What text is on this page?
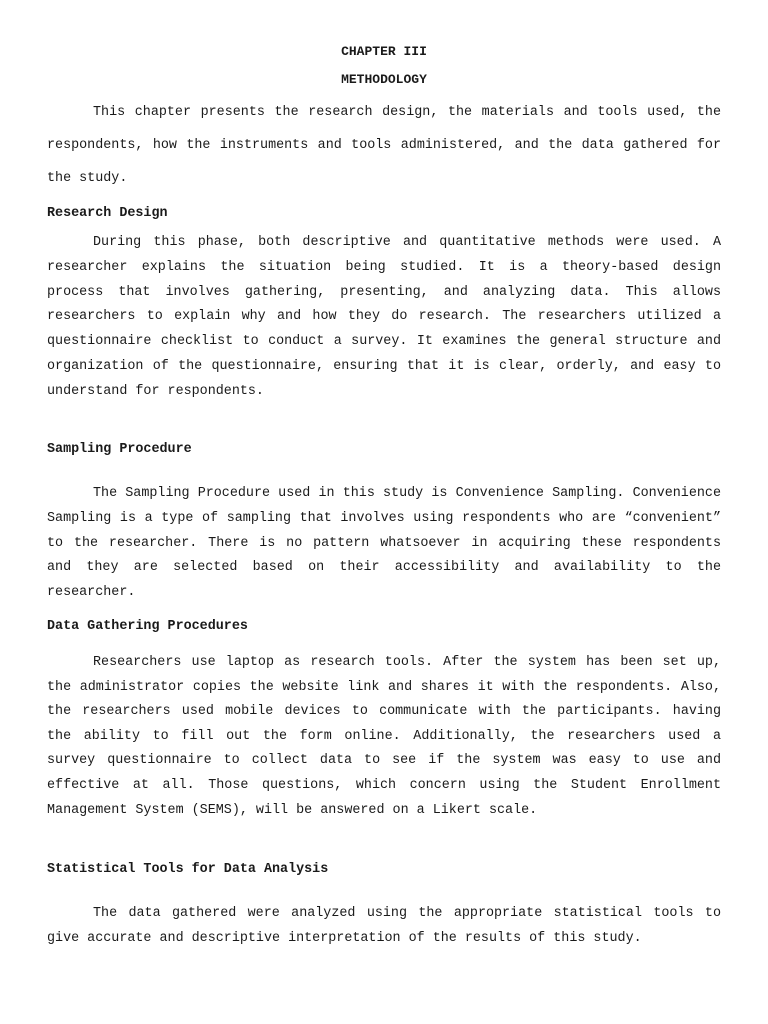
CHAPTER III
METHODOLOGY

This chapter presents the research design, the materials and tools used, the respondents, how the instruments and tools administered, and the data gathered for the study.

Research Design

During this phase, both descriptive and quantitative methods were used. A researcher explains the situation being studied. It is a theory-based design process that involves gathering, presenting, and analyzing data. This allows researchers to explain why and how they do research. The researchers utilized a questionnaire checklist to conduct a survey. It examines the general structure and organization of the questionnaire, ensuring that it is clear, orderly, and easy to understand for respondents.

Sampling Procedure

The Sampling Procedure used in this study is Convenience Sampling. Convenience Sampling is a type of sampling that involves using respondents who are “convenient” to the researcher. There is no pattern whatsoever in acquiring these respondents and they are selected based on their accessibility and availability to the researcher.

Data Gathering Procedures

Researchers use laptop as research tools. After the system has been set up, the administrator copies the website link and shares it with the respondents. Also, the researchers used mobile devices to communicate with the participants. having the ability to fill out the form online. Additionally, the researchers used a survey questionnaire to collect data to see if the system was easy to use and effective at all. Those questions, which concern using the Student Enrollment Management System (SEMS), will be answered on a Likert scale.

Statistical Tools for Data Analysis

The data gathered were analyzed using the appropriate statistical tools to give accurate and descriptive interpretation of the results of this study.
